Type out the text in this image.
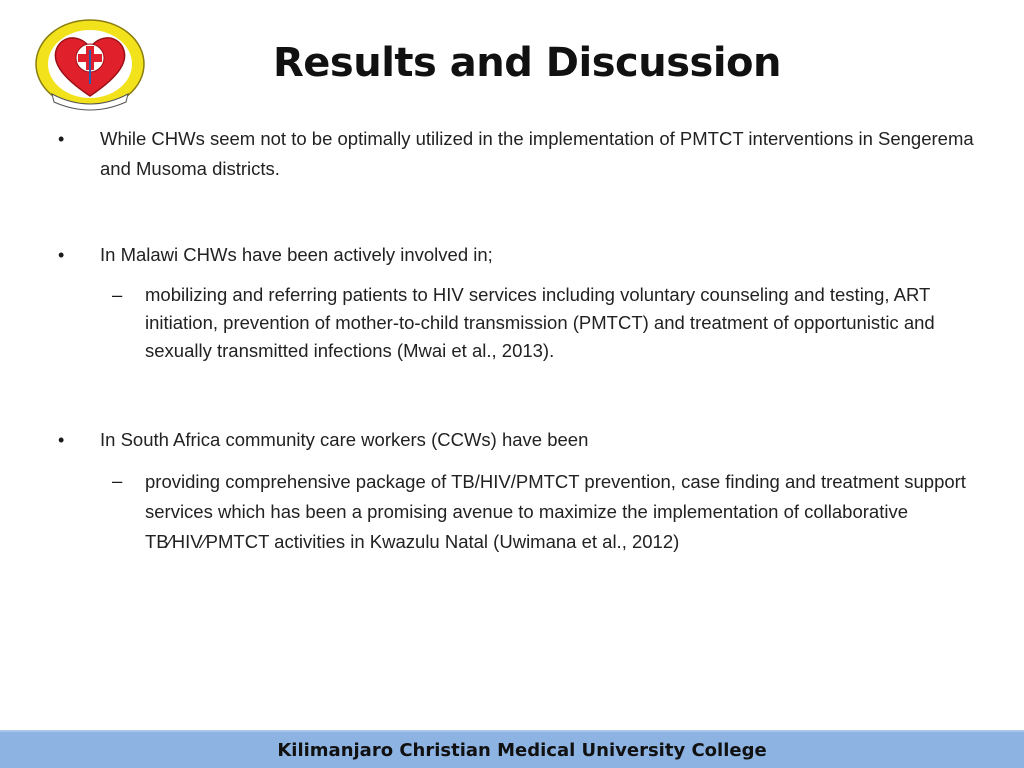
Results and Discussion
• While CHWs seem not to be optimally utilized in the implementation of PMTCT interventions in Sengerema and Musoma districts.
• In Malawi CHWs have been actively involved in;
– mobilizing and referring patients to HIV services including voluntary counseling and testing, ART initiation, prevention of mother-to-child transmission (PMTCT) and treatment of opportunistic and sexually transmitted infections (Mwai et al., 2013).
• In South Africa community care workers (CCWs) have been
– providing comprehensive package of TB/HIV/PMTCT prevention, case finding and treatment support services which has been a promising avenue to maximize the implementation of collaborative TB⁄HIV⁄PMTCT activities in Kwazulu Natal (Uwimana et al., 2012)
Kilimanjaro Christian Medical University College
